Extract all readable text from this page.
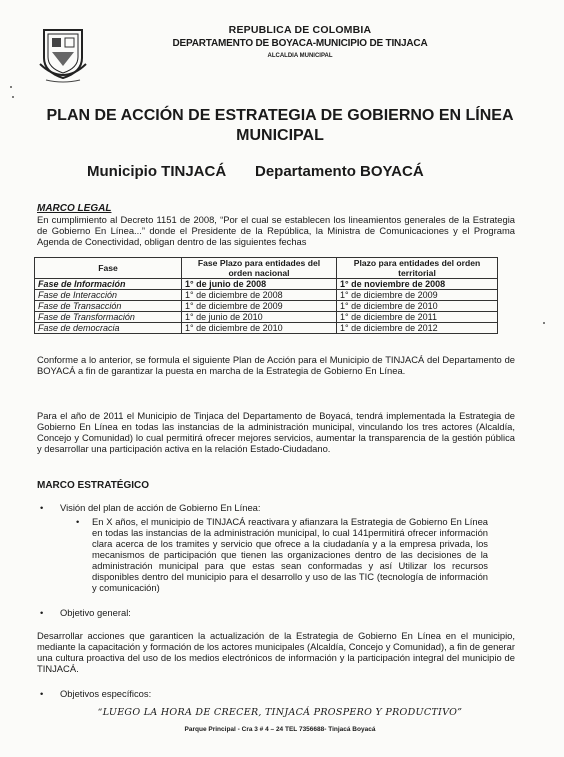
REPUBLICA DE COLOMBIA
DEPARTAMENTO DE BOYACA-MUNICIPIO DE TINJACA
ALCALDIA MUNICIPAL
PLAN DE ACCIÓN DE ESTRATEGIA DE GOBIERNO EN LÍNEA MUNICIPAL
Municipio TINJACÁ Departamento BOYACÁ
MARCO LEGAL
En cumplimiento al Decreto 1151 de 2008, “Por el cual se establecen los lineamientos generales de la Estrategia de Gobierno En Línea...” donde el Presidente de la República, la Ministra de Comunicaciones y el Programa Agenda de Conectividad, obligan dentro de las siguientes fechas
Fase	Fase Plazo para entidades del orden nacional	Plazo para entidades del orden territorial
Fase de Información	1° de junio de 2008	1° de noviembre de 2008
Fase de Interacción	1° de diciembre de 2008	1° de diciembre de 2009
Fase de Transacción	1° de diciembre de 2009	1° de diciembre de 2010
Fase de Transformación	1° de junio de 2010	1° de diciembre de 2011
Fase de democracia	1° de diciembre de 2010	1° de diciembre de 2012
Conforme a lo anterior, se formula el siguiente Plan de Acción para el Municipio de TINJACÁ del Departamento de BOYACÁ a fin de garantizar la puesta en marcha de la Estrategia de Gobierno En Línea.
Para el año de 2011 el Municipio de Tinjaca del Departamento de Boyacá, tendrá implementada la Estrategia de Gobierno En Línea en todas las instancias de la administración municipal, vinculando los tres actores (Alcaldía, Concejo y Comunidad) lo cual permitirá ofrecer mejores servicios, aumentar la transparencia de la gestión pública y desarrollar una participación activa en la relación Estado-Ciudadano.
MARCO ESTRATÉGICO
• Visión del plan de acción de Gobierno En Línea:
• En X años, el municipio de TINJACÁ reactivara y afianzara la Estrategia de Gobierno En Línea en todas las instancias de la administración municipal, lo cual 141permitirá ofrecer información clara acerca de los tramites y servicio que ofrece a la ciudadanía y a la empresa privada, los mecanismos de participación que tienen las organizaciones dentro de las decisiones de la administración municipal para que estas sean conformadas y así Utilizar los recursos disponibles dentro del municipio para el desarrollo y uso de las TIC (tecnología de información y comunicación)
• Objetivo general:
Desarrollar acciones que garanticen la actualización de la Estrategia de Gobierno En Línea en el municipio, mediante la capacitación y formación de los actores municipales (Alcaldía, Concejo y Comunidad), a fin de generar una cultura proactiva del uso de los medios electrónicos de información y la participación integral del municipio de TINJACÁ.
• Objetivos específicos:
“LUEGO LA HORA DE CRECER, TINJACÁ PROSPERO Y PRODUCTIVO”
Parque Principal - Cra 3 # 4 – 24 TEL 7356688- Tinjacá Boyacá
